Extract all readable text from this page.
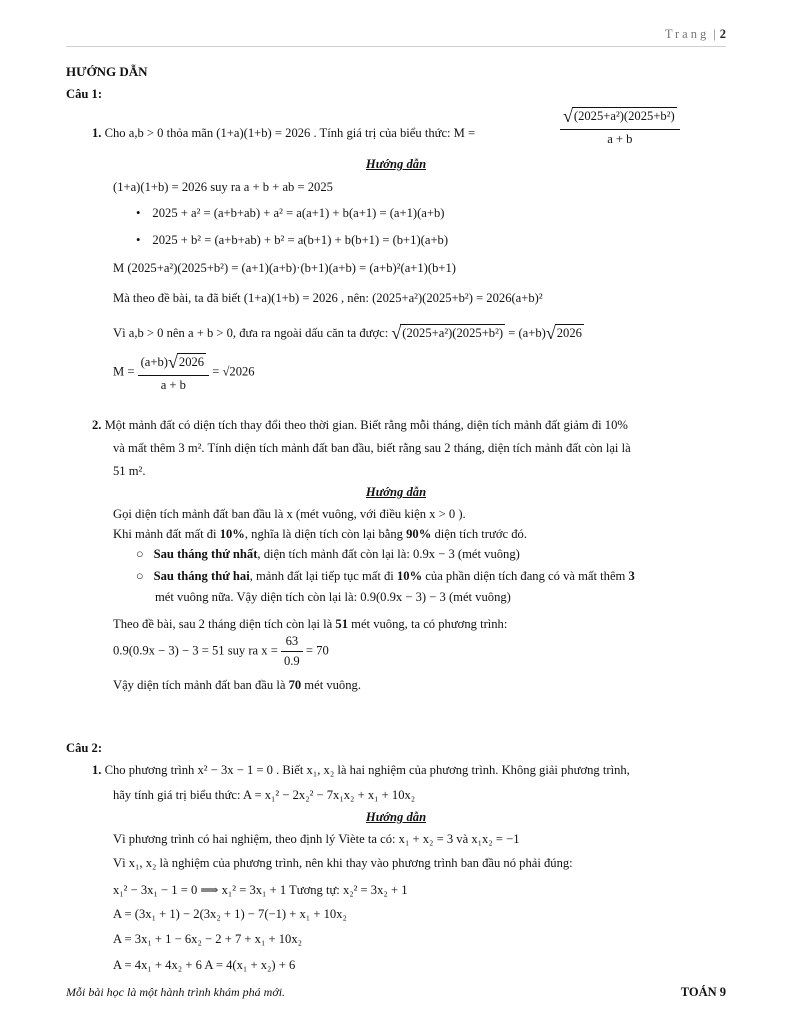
Trang | 2
HƯỚNG DẪN
Câu 1:
1. Cho a,b > 0 thỏa mãn (1+a)(1+b) = 2026 . Tính giá trị của biểu thức: M =	$\frac{\text{√(2025+a²)(2025+b²)}}{a + b}$
Hướng dẫn
(1+a)(1+b) = 2026 suy ra a + b + ab = 2025
• 2025 + a² = (a+b+ab) + a² = a(a+1) + b(a+1) = (a+1)(a+b)
• 2025 + b² = (a+b+ab) + b² = a(b+1) + b(b+1) = (b+1)(a+b)
M (2025+a²)(2025+b²) = (a+1)(a+b)·(b+1)(a+b) = (a+b)²(a+1)(b+1)
Mà theo đề bài, ta đã biết (1+a)(1+b) = 2026 , nên: (2025+a²)(2025+b²) = 2026(a+b)²
Vì a,b > 0 nên a + b > 0, đưa ra ngoài dấu căn ta được: √(2025+a²)(2025+b²) = (a+b)√2026
$M = \frac{(a+b)√2026}{a + b} = √2026$
2. Một mảnh đất có diện tích thay đổi theo thời gian. Biết rằng mỗi tháng, diện tích mảnh đất giảm đi 10%
và mất thêm 3 m². Tính diện tích mảnh đất ban đầu, biết rằng sau 2 tháng, diện tích mảnh đất còn lại là
51 m².
Hướng dẫn
Gọi diện tích mảnh đất ban đầu là x (mét vuông, với điều kiện x > 0 ).
Khi mảnh đất mất đi 10%, nghĩa là diện tích còn lại bằng 90% diện tích trước đó.
○ Sau tháng thứ nhất, diện tích mảnh đất còn lại là: 0.9x − 3 (mét vuông)
○ Sau tháng thứ hai, mảnh đất lại tiếp tục mất đi 10% của phần diện tích đang có và mất thêm 3
mét vuông nữa. Vậy diện tích còn lại là: 0.9(0.9x − 3) − 3 (mét vuông)
Theo đề bài, sau 2 tháng diện tích còn lại là 51 mét vuông, ta có phương trình:
0.9(0.9x − 3) − 3 = 51 suy ra $x = \frac{63}{0.9} = 70$
Vậy diện tích mảnh đất ban đầu là 70 mét vuông.
Câu 2:
1. Cho phương trình x² − 3x − 1 = 0 . Biết x₁, x₂ là hai nghiệm của phương trình. Không giải phương trình,
hãy tính giá trị biểu thức: A = x₁² − 2x₂² − 7x₁x₂ + x₁ + 10x₂
Hướng dẫn
Vì phương trình có hai nghiệm, theo định lý Viète ta có: x₁ + x₂ = 3 và x₁x₂ = −1
Vì x₁, x₂ là nghiệm của phương trình, nên khi thay vào phương trình ban đầu nó phải đúng:
x₁² − 3x₁ − 1 = 0 ⟹ x₁² = 3x₁ + 1 Tương tự: x₂² = 3x₂ + 1
A = (3x₁ + 1) − 2(3x₂ + 1) − 7(−1) + x₁ + 10x₂
A = 3x₁ + 1 − 6x₂ − 2 + 7 + x₁ + 10x₂
A = 4x₁ + 4x₂ + 6 A = 4(x₁ + x₂) + 6
Mỗi bài học là một hành trình khám phá mới.	TOÁN 9
